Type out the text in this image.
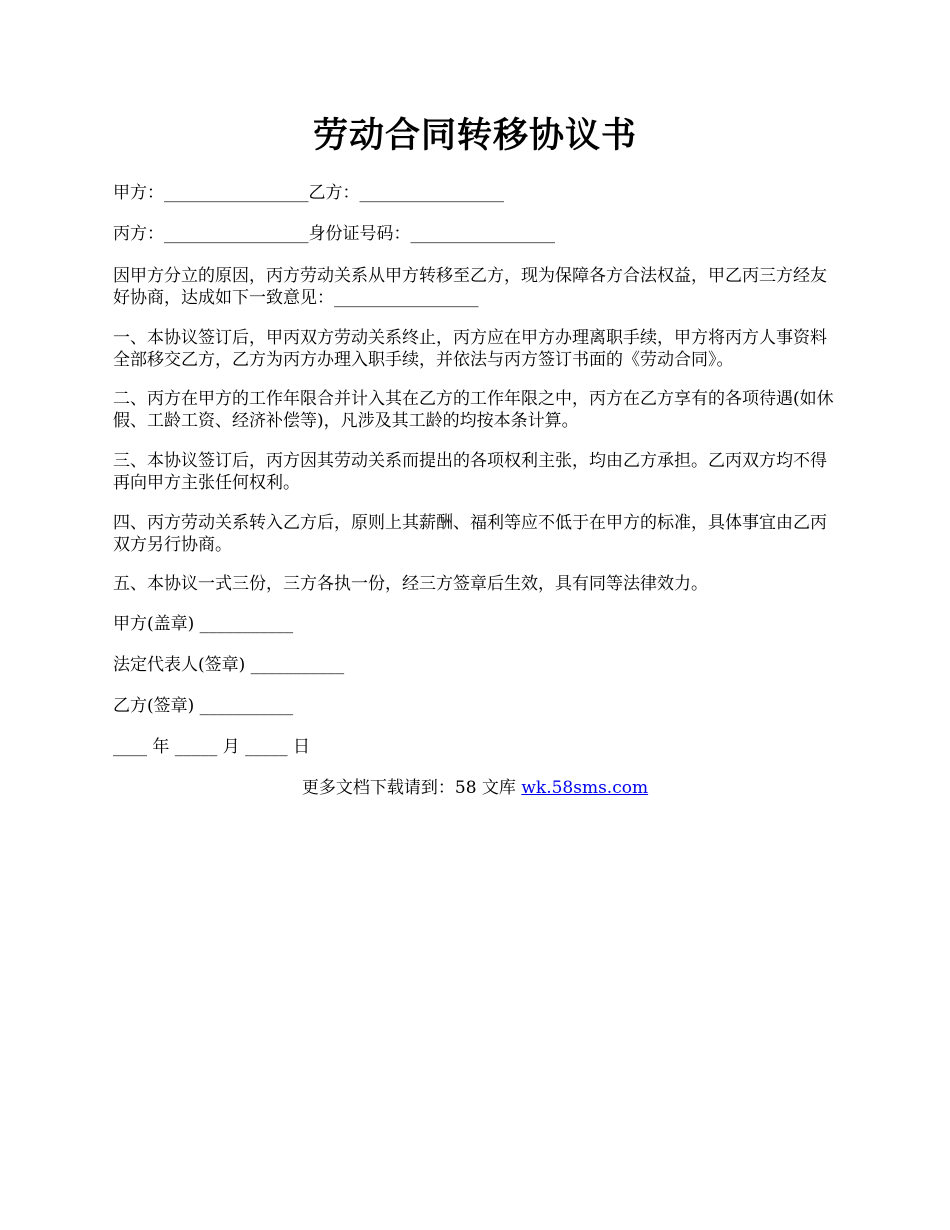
劳动合同转移协议书

甲方：_________________乙方：_________________

丙方：_________________身份证号码：_________________

因甲方分立的原因，丙方劳动关系从甲方转移至乙方，现为保障各方合法权益，甲乙丙三方经友好协商，达成如下一致意见：_________________

一、本协议签订后，甲丙双方劳动关系终止，丙方应在甲方办理离职手续，甲方将丙方人事资料全部移交乙方，乙方为丙方办理入职手续，并依法与丙方签订书面的《劳动合同》。

二、丙方在甲方的工作年限合并计入其在乙方的工作年限之中，丙方在乙方享有的各项待遇(如休假、工龄工资、经济补偿等)，凡涉及其工龄的均按本条计算。

三、本协议签订后，丙方因其劳动关系而提出的各项权利主张，均由乙方承担。乙丙双方均不得再向甲方主张任何权利。

四、丙方劳动关系转入乙方后，原则上其薪酬、福利等应不低于在甲方的标准，具体事宜由乙丙双方另行协商。

五、本协议一式三份，三方各执一份，经三方签章后生效，具有同等法律效力。

甲方(盖章) ___________

法定代表人(签章) ___________

乙方(签章) ___________

____ 年 _____ 月 _____ 日

更多文档下载请到：58 文库 wk.58sms.com
